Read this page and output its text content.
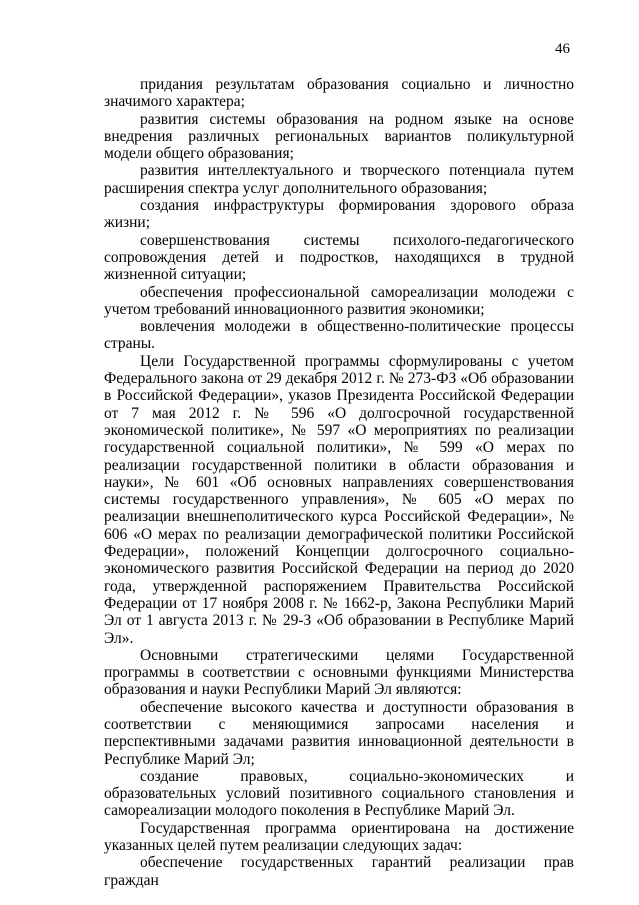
46

придания результатам образования социально и личностно значимого характера;

развития системы образования на родном языке на основе внедрения различных региональных вариантов поликультурной модели общего образования;

развития интеллектуального и творческого потенциала путем расширения спектра услуг дополнительного образования;

создания инфраструктуры формирования здорового образа жизни;

совершенствования системы психолого-педагогического сопровождения детей и подростков, находящихся в трудной жизненной ситуации;

обеспечения профессиональной самореализации молодежи с учетом требований инновационного развития экономики;

вовлечения молодежи в общественно-политические процессы страны.

Цели Государственной программы сформулированы с учетом Федерального закона от 29 декабря 2012 г. № 273-ФЗ «Об образовании в Российской Федерации», указов Президента Российской Федерации от 7 мая 2012 г. № 596 «О долгосрочной государственной экономической политике», № 597 «О мероприятиях по реализации государственной социальной политики», № 599 «О мерах по реализации государственной политики в области образования и науки», № 601 «Об основных направлениях совершенствования системы государственного управления», № 605 «О мерах по реализации внешнеполитического курса Российской Федерации», № 606 «О мерах по реализации демографической политики Российской Федерации», положений Концепции долгосрочного социально-экономического развития Российской Федерации на период до 2020 года, утвержденной распоряжением Правительства Российской Федерации от 17 ноября 2008 г. № 1662-р, Закона Республики Марий Эл от 1 августа 2013 г. № 29-З «Об образовании в Республике Марий Эл».

Основными стратегическими целями Государственной программы в соответствии с основными функциями Министерства образования и науки Республики Марий Эл являются:

обеспечение высокого качества и доступности образования в соответствии с меняющимися запросами населения и перспективными задачами развития инновационной деятельности в Республике Марий Эл;

создание правовых, социально-экономических и образовательных условий позитивного социального становления и самореализации молодого поколения в Республике Марий Эл.

Государственная программа ориентирована на достижение указанных целей путем реализации следующих задач:

обеспечение государственных гарантий реализации прав граждан
